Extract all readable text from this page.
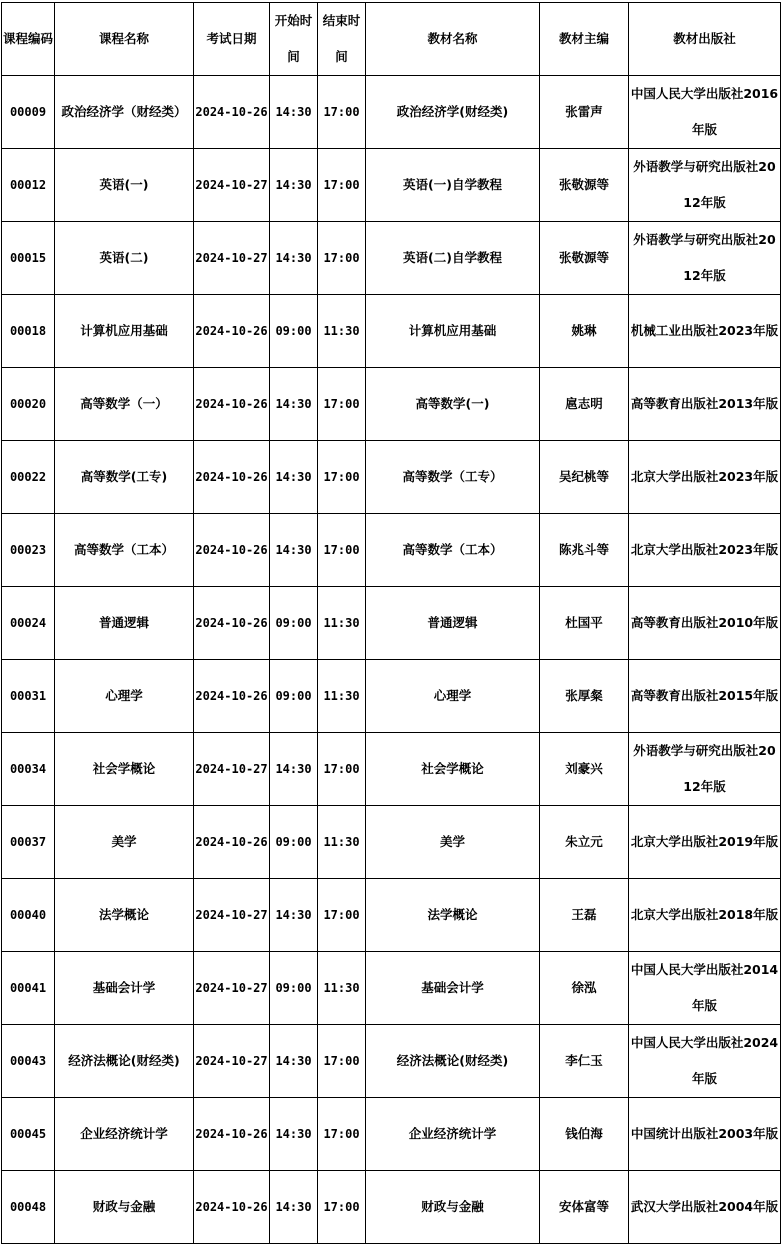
课程编码	课程名称	考试日期	开始时间	结束时间	教材名称	教材主编	教材出版社
00009	政治经济学（财经类）	2024-10-26	14:30	17:00	政治经济学(财经类)	张雷声	中国人民大学出版社2016年版
00012	英语(一)	2024-10-27	14:30	17:00	英语(一)自学教程	张敬源等	外语教学与研究出版社2012年版
00015	英语(二)	2024-10-27	14:30	17:00	英语(二)自学教程	张敬源等	外语教学与研究出版社2012年版
00018	计算机应用基础	2024-10-26	09:00	11:30	计算机应用基础	姚琳	机械工业出版社2023年版
00020	高等数学（一）	2024-10-26	14:30	17:00	高等数学(一)	扈志明	高等教育出版社2013年版
00022	高等数学(工专)	2024-10-26	14:30	17:00	高等数学（工专）	吴纪桃等	北京大学出版社2023年版
00023	高等数学（工本）	2024-10-26	14:30	17:00	高等数学（工本）	陈兆斗等	北京大学出版社2023年版
00024	普通逻辑	2024-10-26	09:00	11:30	普通逻辑	杜国平	高等教育出版社2010年版
00031	心理学	2024-10-26	09:00	11:30	心理学	张厚粲	高等教育出版社2015年版
00034	社会学概论	2024-10-27	14:30	17:00	社会学概论	刘豪兴	外语教学与研究出版社2012年版
00037	美学	2024-10-26	09:00	11:30	美学	朱立元	北京大学出版社2019年版
00040	法学概论	2024-10-27	14:30	17:00	法学概论	王磊	北京大学出版社2018年版
00041	基础会计学	2024-10-27	09:00	11:30	基础会计学	徐泓	中国人民大学出版社2014年版
00043	经济法概论(财经类)	2024-10-27	14:30	17:00	经济法概论(财经类)	李仁玉	中国人民大学出版社2024年版
00045	企业经济统计学	2024-10-26	14:30	17:00	企业经济统计学	钱伯海	中国统计出版社2003年版
00048	财政与金融	2024-10-26	14:30	17:00	财政与金融	安体富等	武汉大学出版社2004年版
